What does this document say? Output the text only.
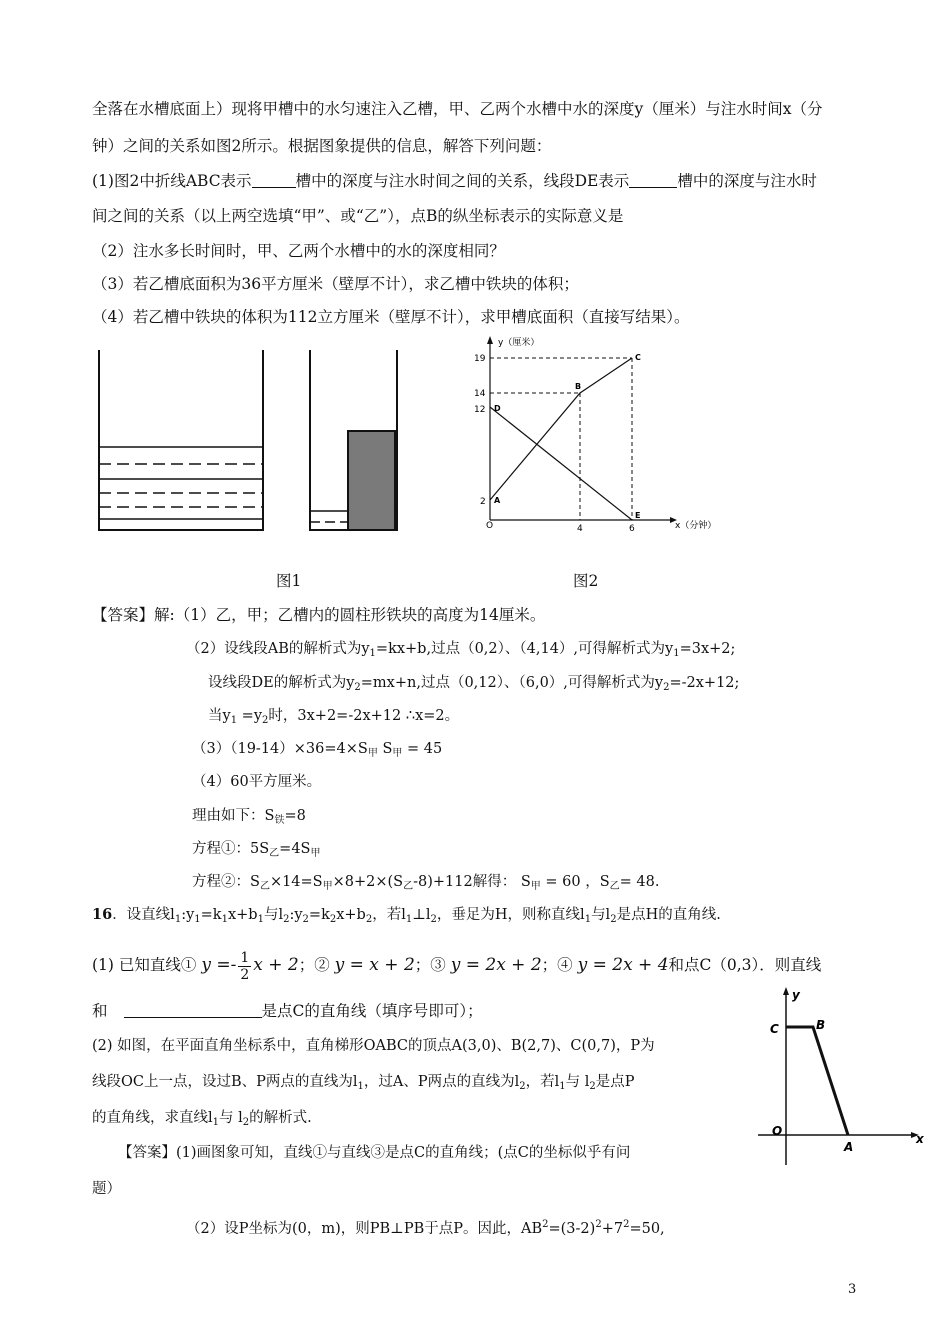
全落在水槽底面上）现将甲槽中的水匀速注入乙槽，甲、乙两个水槽中水的深度y（厘米）与注水时间x（分
钟）之间的关系如图2所示。根据图象提供的信息，解答下列问题：
(1)图2中折线ABC表示	槽中的深度与注水时间之间的关系，线段DE表示	槽中的深度与注水时
间之间的关系（以上两空选填“甲”、或“乙”），点B的纵坐标表示的实际意义是
（2）注水多长时间时，甲、乙两个水槽中的水的深度相同？
（3）若乙槽底面积为36平方厘米（壁厚不计），求乙槽中铁块的体积；
（4）若乙槽中铁块的体积为112立方厘米（壁厚不计），求甲槽底面积（直接写结果）。
y（厘米）
x（分钟）
O
19
14
12
2
4	6
A
B
C
D
E
图1	图2
【答案】解:（1）乙，甲；乙槽内的圆柱形铁块的高度为14厘米。
（2）设线段AB的解析式为$y_1=kx+b$,过点（0,2）、（4,14）,可得解析式为$y_1=3x+2$;
设线段DE的解析式为$y_2=mx+n$,过点（0,12）、（6,0）,可得解析式为$y_2=-2x+12$;
当$y_1 =y_2$时，3x+2=-2x+12 ∴x=2。
$(3)(19-14)\times 36=4\times S_甲$ $S_甲 = 45$
（4）60平方厘米。
理由如下：$S_铁=8$
方程①：$5S_乙=4S_甲$
方程②：$S_乙\times 14=S_甲\times 8+2\times(S_乙-8)+112$解得： $S_甲 = 60$ ，$S_乙= 48$.
16．设直线$l_1:y_1=k_1x+b_1$与$l_2:y_2=k_2x+b_2$，若$l_1\perp l_2$，垂足为H，则称直线$l_1$与$l_2$是点H的直角线.
(1) 已知直线① $y =- \frac{1}{2}$ x + 2；② y = x + 2；③ y = 2x + 2；④ y = 2x + 4和点C（0,3）．则直线
和	是点C的直角线（填序号即可）；
(2) 如图，在平面直角坐标系中，直角梯形OABC的顶点A(3,0)、B(2,7)、C(0,7)，P为
线段OC上一点，设过B、P两点的直线为$l_1$，过A、P两点的直线为$l_2$，若$l_1$与 $l_2$是点P
的直角线，求直线$l_1$与 $l_2$的解析式.
【答案】(1)画图象可知，直线①与直线③是点C的直角线；(点C的坐标似乎有问
题）
（2）设P坐标为(0，m)，则PB⊥PB于点P。因此，$AB^2=(3-2)^2+7^2=50$,
y
x
C	B
O
A
3
